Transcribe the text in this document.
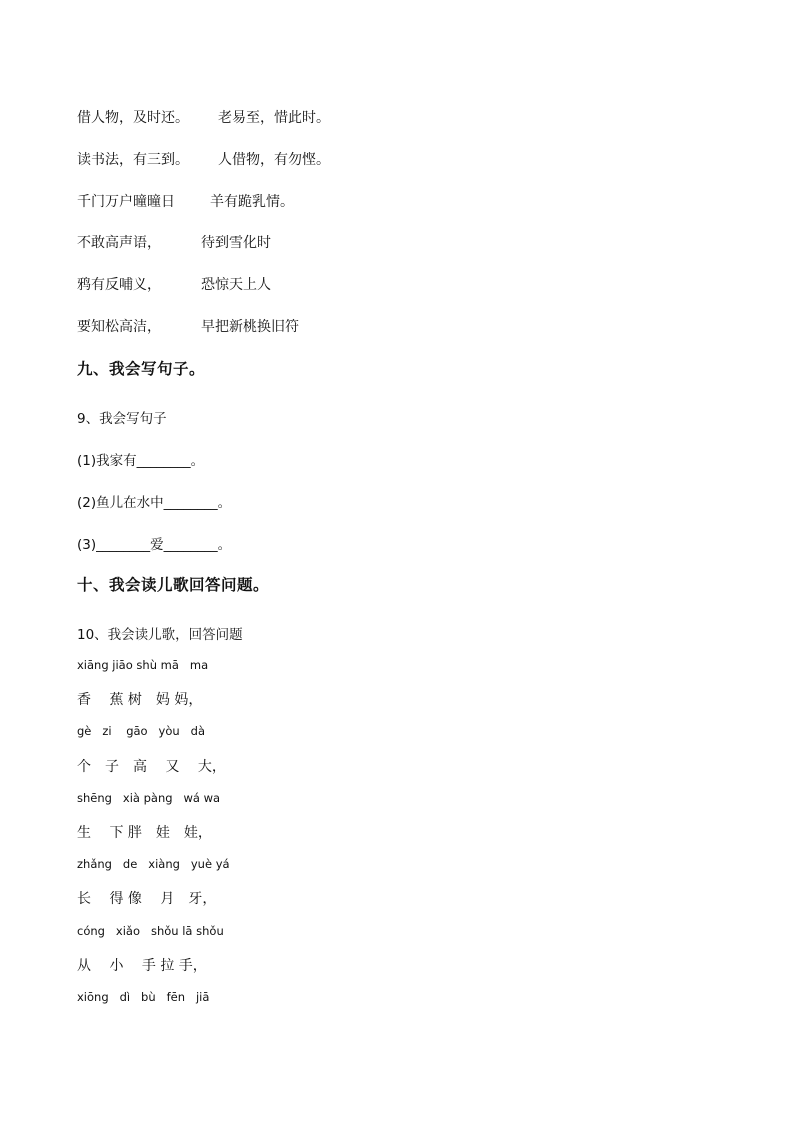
借人物，及时还。 老易至，惜此时。
读书法，有三到。 人借物，有勿悭。
千门万户曈曈日	羊有跪乳情。
不敢高声语，	待到雪化时
鸦有反哺义，	恐惊天上人
要知松高洁，	早把新桃换旧符
九、我会写句子。
9、我会写句子
(1)我家有________。
(2)鱼儿在水中________。
(3)________爱________。
十、我会读儿歌回答问题。
10、我会读儿歌，回答问题
xiāng jiāo shù mā   ma
香　 蕉 树　妈 妈，
gè   zi    gāo   yòu   dà
个　子　高　 又　 大，
shēng   xià pàng   wá wa
生　 下 胖　娃　娃，
zhǎng   de   xiàng   yuè yá
长　 得 像　 月　牙，
cóng   xiǎo   shǒu lā shǒu
从　 小　 手 拉 手，
xiōng   dì   bù   fēn   jiā
